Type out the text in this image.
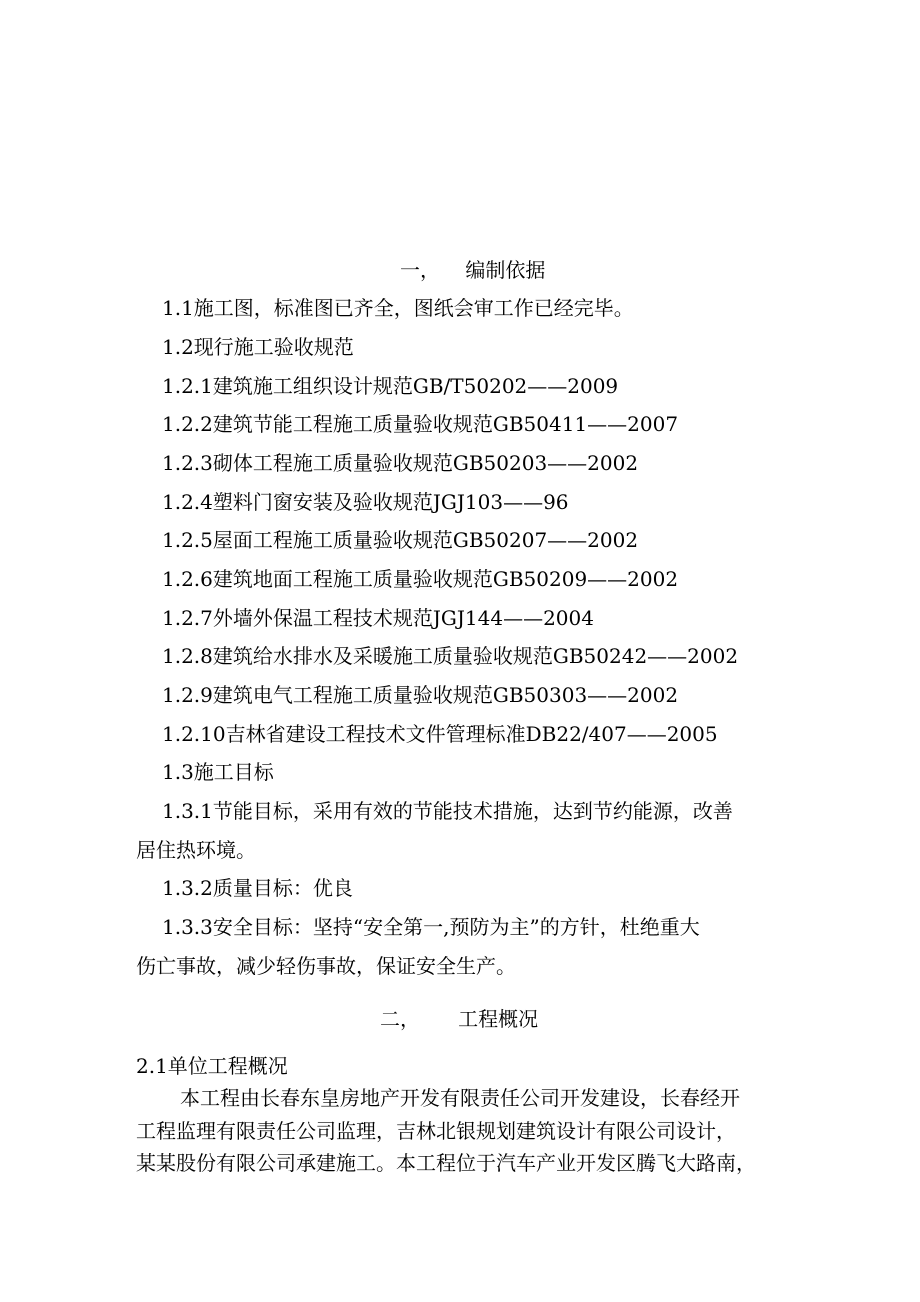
一，    编制依据
1.1施工图，标准图已齐全，图纸会审工作已经完毕。
1.2现行施工验收规范
1.2.1建筑施工组织设计规范GB/T50202——2009
1.2.2建筑节能工程施工质量验收规范GB50411——2007
1.2.3砌体工程施工质量验收规范GB50203——2002
1.2.4塑料门窗安装及验收规范JGJ103——96
1.2.5屋面工程施工质量验收规范GB50207——2002
1.2.6建筑地面工程施工质量验收规范GB50209——2002
1.2.7外墙外保温工程技术规范JGJ144——2004
1.2.8建筑给水排水及采暖施工质量验收规范GB50242——2002
1.2.9建筑电气工程施工质量验收规范GB50303——2002
1.2.10吉林省建设工程技术文件管理标准DB22/407——2005
1.3施工目标
1.3.1节能目标，采用有效的节能技术措施，达到节约能源，改善
居住热环境。
1.3.2质量目标：优良
1.3.3安全目标：坚持“安全第一,预防为主”的方针，杜绝重大
伤亡事故，减少轻伤事故，保证安全生产。
二，      工程概况
2.1单位工程概况
本工程由长春东皇房地产开发有限责任公司开发建设，长春经开
工程监理有限责任公司监理，吉林北银规划建筑设计有限公司设计，
某某股份有限公司承建施工。本工程位于汽车产业开发区腾飞大路南，
